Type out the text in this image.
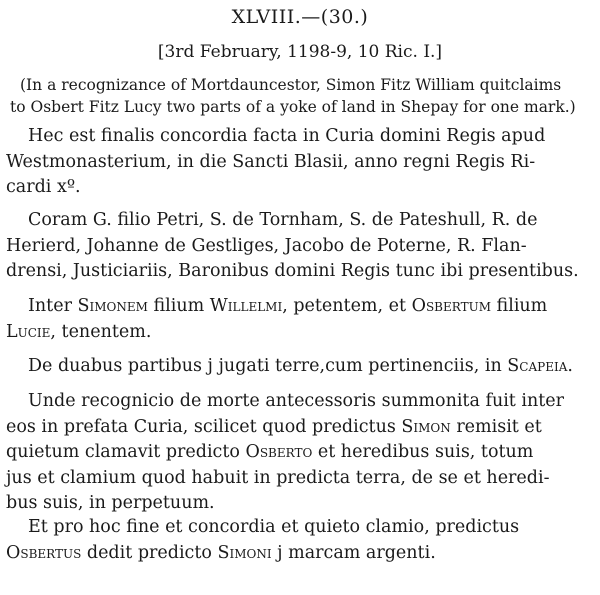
XLVIII.—(30.)
[3rd February, 1198-9, 10 Ric. I.]
(In a recognizance of Mortdauncestor, Simon Fitz William quitclaims
to Osbert Fitz Lucy two parts of a yoke of land in Shepay for one mark.)
Hec est finalis concordia facta in Curia domini Regis apud
Westmonasterium, in die Sancti Blasii, anno regni Regis Ri-
cardi xº.
Coram G. filio Petri, S. de Tornham, S. de Pateshull, R. de
Herierd, Johanne de Gestliges, Jacobo de Poterne, R. Flan-
drensi, Justiciariis, Baronibus domini Regis tunc ibi presentibus.
Inter Simonem filium Willelmi, petentem, et Osbertum filium
Lucie, tenentem.
De duabus partibus j jugati terre,cum pertinenciis, in Scapeia.
Unde recognicio de morte antecessoris summonita fuit inter
eos in prefata Curia, scilicet quod predictus Simon remisit et
quietum clamavit predicto Osberto et heredibus suis, totum
jus et clamium quod habuit in predicta terra, de se et heredi-
bus suis, in perpetuum.
Et pro hoc fine et concordia et quieto clamio, predictus
Osbertus dedit predicto Simoni j marcam argenti.
